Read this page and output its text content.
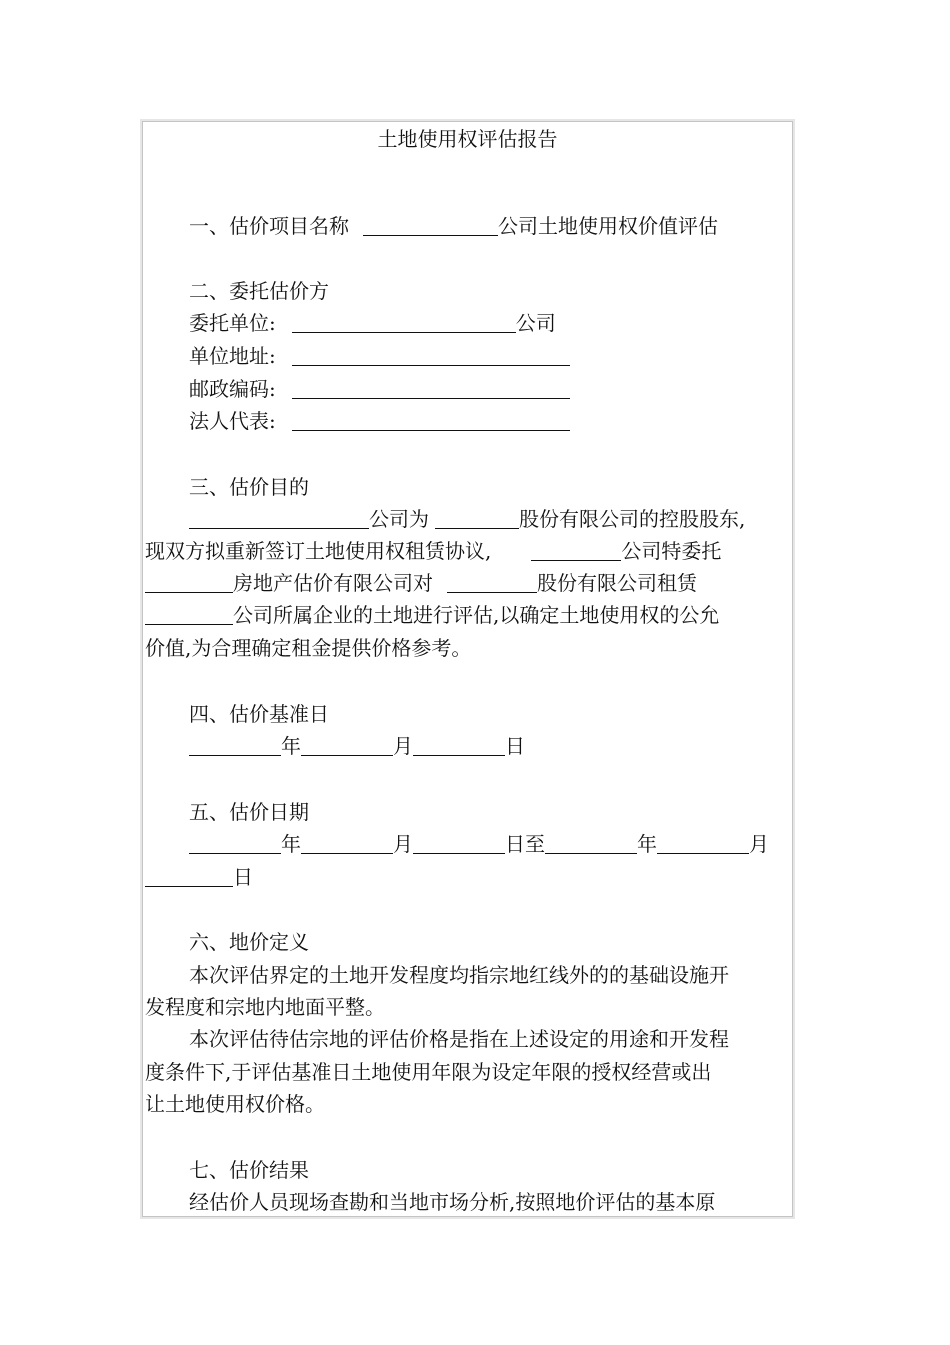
土地使用权评估报告
一、估价项目名称	公司土地使用权价值评估
二、委托估价方
委托单位:	公司
单位地址:
邮政编码:
法人代表:
三、估价目的
公司为	股份有限公司的控股股东,
现双方拟重新签订土地使用权租赁协议,	公司特委托
房地产估价有限公司对	股份有限公司租赁
公司所属企业的土地进行评估,以确定土地使用权的公允
价值,为合理确定租金提供价格参考。
四、估价基准日
年	月	日
五、估价日期
年	月	日至	年	月
日
六、地价定义
本次评估界定的土地开发程度均指宗地红线外的的基础设施开
发程度和宗地内地面平整。
本次评估待估宗地的评估价格是指在上述设定的用途和开发程
度条件下,于评估基准日土地使用年限为设定年限的授权经营或出
让土地使用权价格。
七、估价结果
经估价人员现场查勘和当地市场分析,按照地价评估的基本原
